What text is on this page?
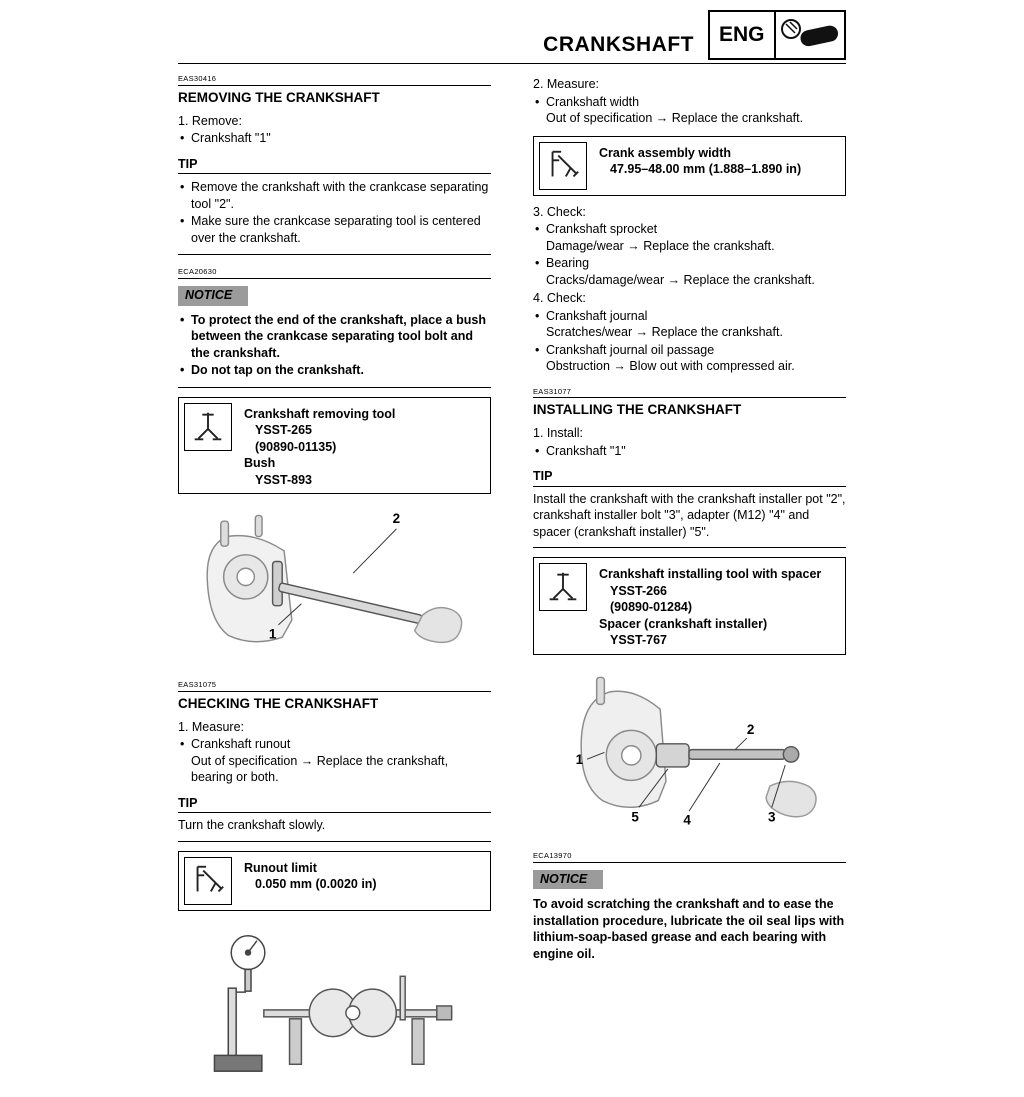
CRANKSHAFT	ENG
EAS30416
REMOVING THE CRANKSHAFT
1. Remove:
• Crankshaft "1"
TIP
• Remove the crankshaft with the crankcase separating tool "2".
• Make sure the crankcase separating tool is centered over the crankshaft.
ECA20630
NOTICE
• To protect the end of the crankshaft, place a bush between the crankcase separating tool bolt and the crankshaft.
• Do not tap on the crankshaft.
Crankshaft removing tool
YSST-265
(90890-01135)
Bush
YSST-893
2
1
EAS31075
CHECKING THE CRANKSHAFT
1. Measure:
• Crankshaft runout
Out of specification → Replace the crankshaft, bearing or both.
TIP
Turn the crankshaft slowly.
Runout limit
0.050 mm (0.0020 in)
2. Measure:
• Crankshaft width
Out of specification → Replace the crankshaft.
Crank assembly width
47.95–48.00 mm (1.888–1.890 in)
3. Check:
• Crankshaft sprocket
Damage/wear → Replace the crankshaft.
• Bearing
Cracks/damage/wear → Replace the crankshaft.
4. Check:
• Crankshaft journal
Scratches/wear → Replace the crankshaft.
• Crankshaft journal oil passage
Obstruction → Blow out with compressed air.
EAS31077
INSTALLING THE CRANKSHAFT
1. Install:
• Crankshaft "1"
TIP
Install the crankshaft with the crankshaft installer pot "2", crankshaft installer bolt "3", adapter (M12) "4" and spacer (crankshaft installer) "5".
Crankshaft installing tool with spacer
YSST-266
(90890-01284)
Spacer (crankshaft installer)
YSST-767
1
2
5	4	3
ECA13970
NOTICE
To avoid scratching the crankshaft and to ease the installation procedure, lubricate the oil seal lips with lithium-soap-based grease and each bearing with engine oil.
